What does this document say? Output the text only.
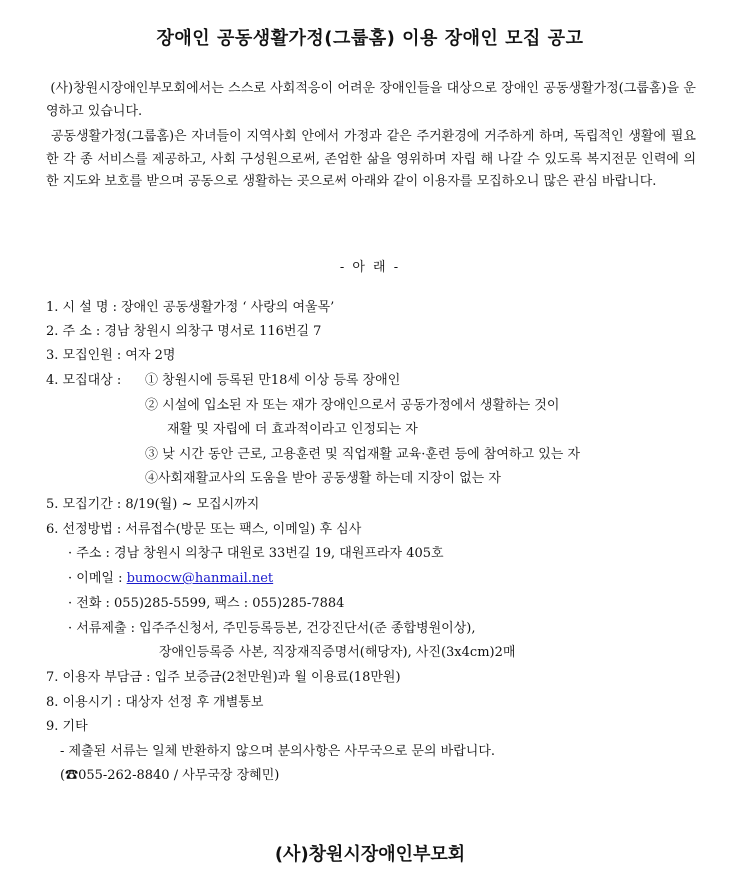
장애인 공동생활가정(그룹홈) 이용 장애인 모집 공고

(사)창원시장애인부모회에서는 스스로 사회적응이 어려운 장애인들을 대상으로 장애인 공동생활가정(그룹홈)을 운영하고 있습니다.

공동생활가정(그룹홈)은 자녀들이 지역사회 안에서 가정과 같은 주거환경에 거주하게 하며, 독립적인 생활에 필요한 각 종 서비스를 제공하고, 사회 구성원으로써, 존엄한 삶을 영위하며 자립 해 나갈 수 있도록 복지전문 인력에 의한 지도와 보호를 받으며 공동으로 생활하는 곳으로써 아래와 같이 이용자를 모집하오니 많은 관심 바랍니다.

- 아 래 -
1. 시 설 명 : 장애인 공동생활가정 ‘ 사랑의 여울목’
2. 주 소 : 경남 창원시 의창구 명서로 116번길 7
3. 모집인원 : 여자 2명
4. 모집대상 : ① 창원시에 등록된 만18세 이상 등록 장애인
② 시설에 입소된 자 또는 재가 장애인으로서 공동가정에서 생활하는 것이
재활 및 자립에 더 효과적이라고 인정되는 자
③ 낮 시간 동안 근로, 고용훈련 및 직업재활 교육·훈련 등에 참여하고 있는 자
④사회재활교사의 도움을 받아 공동생활 하는데 지장이 없는 자
5. 모집기간 : 8/19(월) ~ 모집시까지
6. 선정방법 : 서류접수(방문 또는 팩스, 이메일) 후 심사
· 주소 : 경남 창원시 의창구 대원로 33번길 19, 대원프라자 405호
· 이메일 : bumocw@hanmail.net
· 전화 : 055)285-5599, 팩스 : 055)285-7884
· 서류제출 : 입주주신청서, 주민등록등본, 건강진단서(준 종합병원이상),
장애인등록증 사본, 직장재직증명서(해당자), 사진(3x4cm)2매
7. 이용자 부담금 : 입주 보증금(2천만원)과 월 이용료(18만원)
8. 이용시기 : 대상자 선정 후 개별통보
9. 기타
- 제출된 서류는 일체 반환하지 않으며 분의사항은 사무국으로 문의 바랍니다.
(☎055-262-8840 / 사무국장 장혜민)
(사)창원시장애인부모회
